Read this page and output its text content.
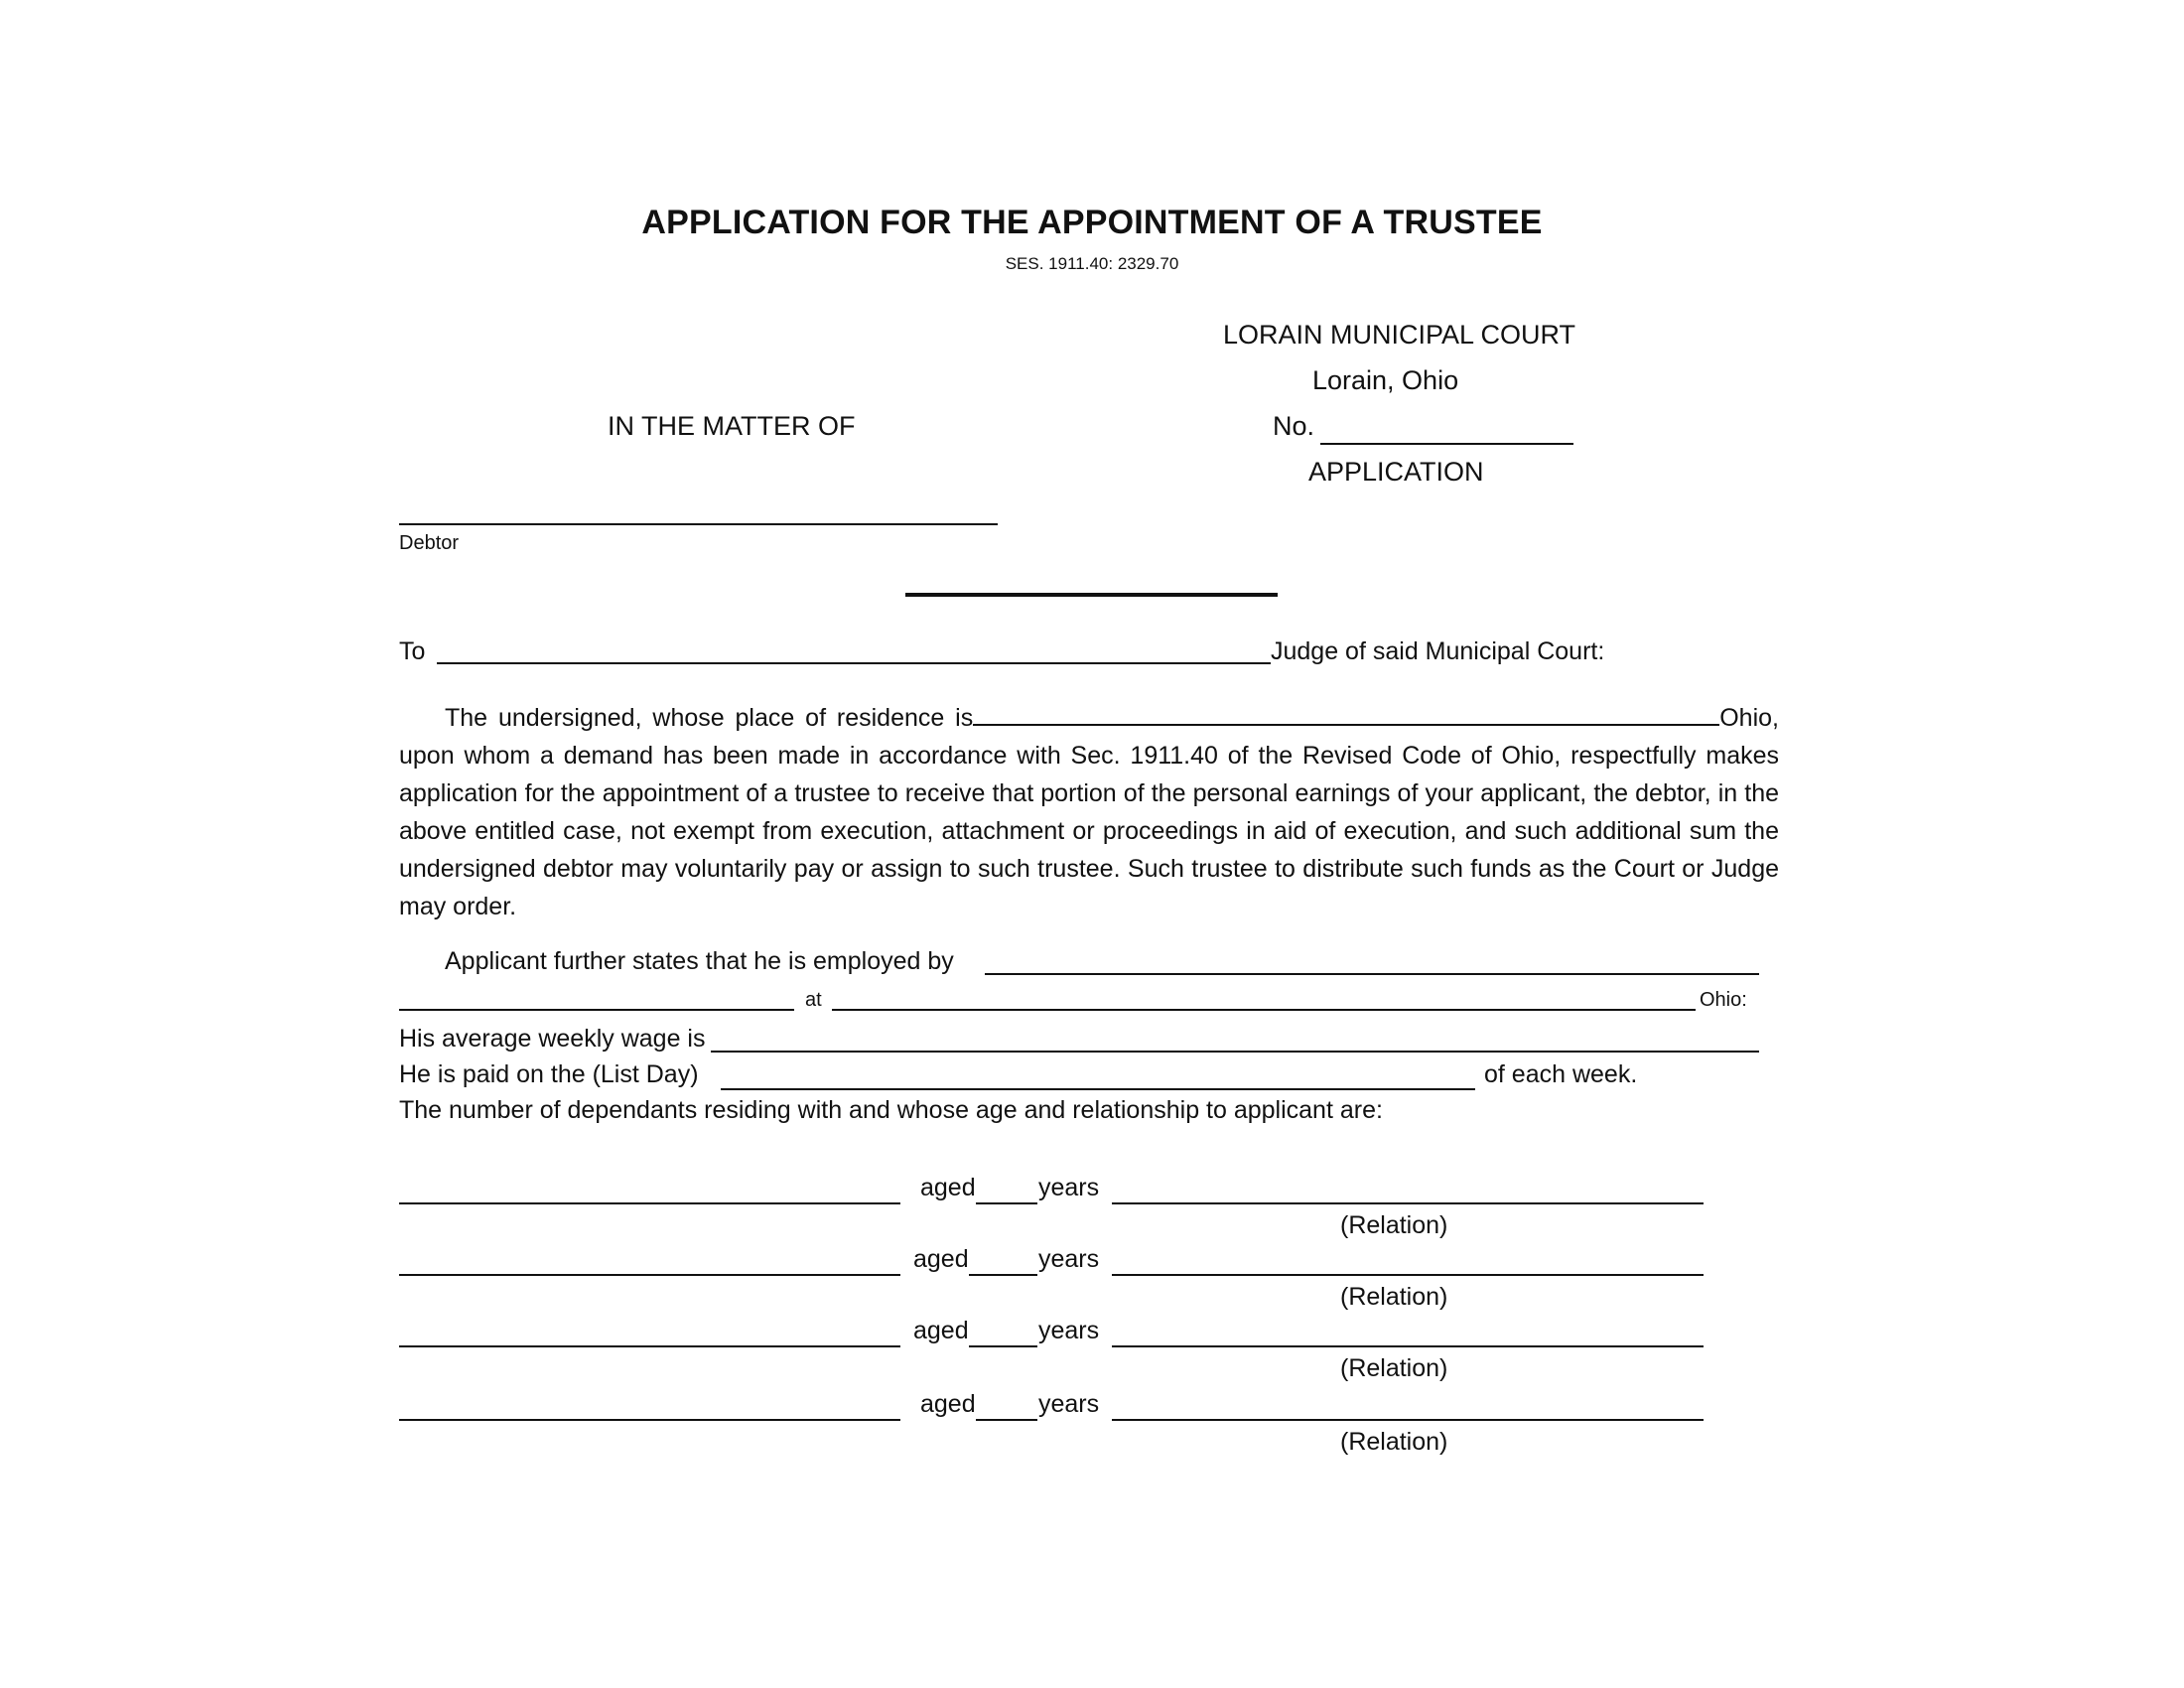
APPLICATION FOR THE APPOINTMENT OF A TRUSTEE
SES. 1911.40: 2329.70
LORAIN MUNICIPAL COURT
Lorain, Ohio
No.
APPLICATION
IN THE MATTER OF
Debtor
To	Judge of said Municipal Court:
The undersigned, whose place of residence is	Ohio, upon whom a demand has been made in accordance with Sec. 1911.40 of the Revised Code of Ohio, respectfully makes application for the appointment of a trustee to receive that portion of the personal earnings of your applicant, the debtor, in the above entitled case, not exempt from execution, attachment or proceedings in aid of execution, and such additional sum the undersigned debtor may voluntarily pay or assign to such trustee. Such trustee to distribute such funds as the Court or Judge may order.
Applicant further states that he is employed by
at	Ohio:
His average weekly wage is
He is paid on the (List Day)	of each week.
The number of dependants residing with and whose age and relationship to applicant are:
aged	years
(Relation)
aged	years
(Relation)
aged	years
(Relation)
aged	years
(Relation)
